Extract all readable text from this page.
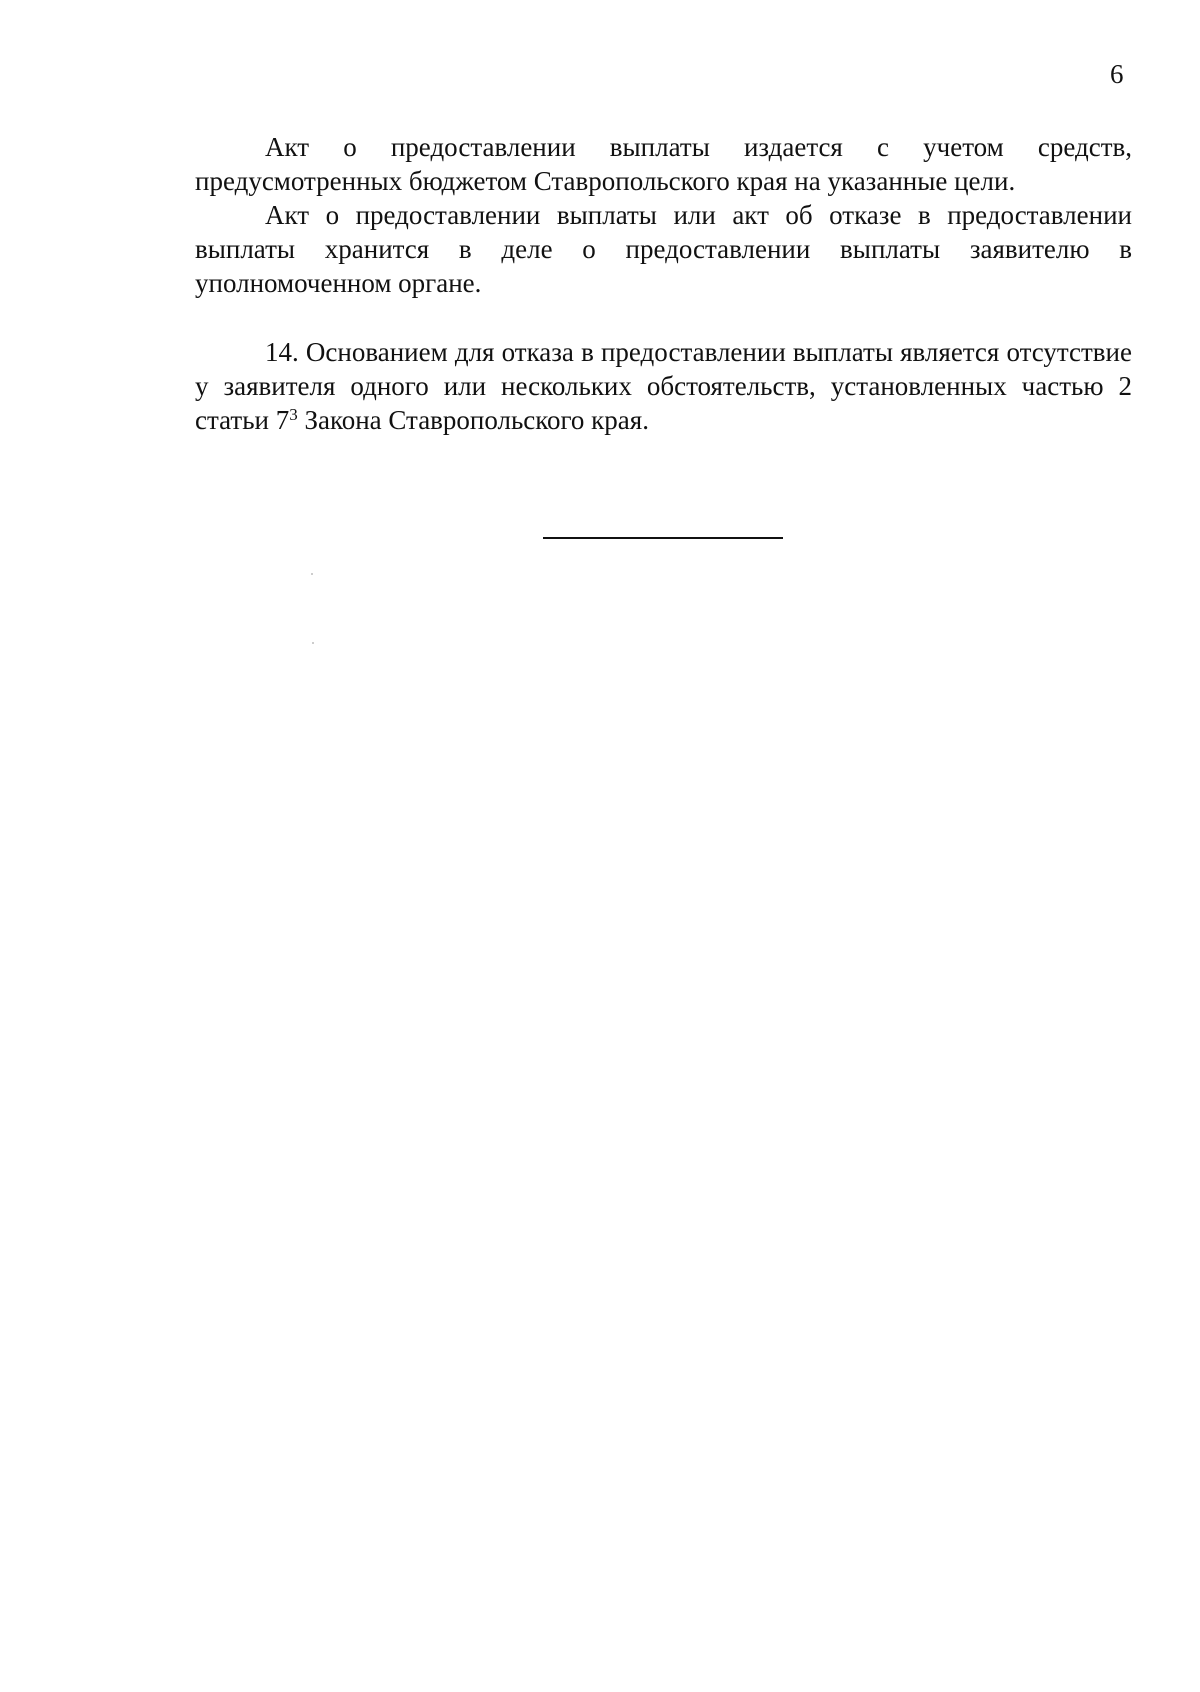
6

Акт о предоставлении выплаты издается с учетом средств, предусмотренных бюджетом Ставропольского края на указанные цели.

Акт о предоставлении выплаты или акт об отказе в предоставлении выплаты хранится в деле о предоставлении выплаты заявителю в уполномоченном органе.

14. Основанием для отказа в предоставлении выплаты является отсутствие у заявителя одного или нескольких обстоятельств, установленных частью 2 статьи $7^3$ Закона Ставропольского края.
